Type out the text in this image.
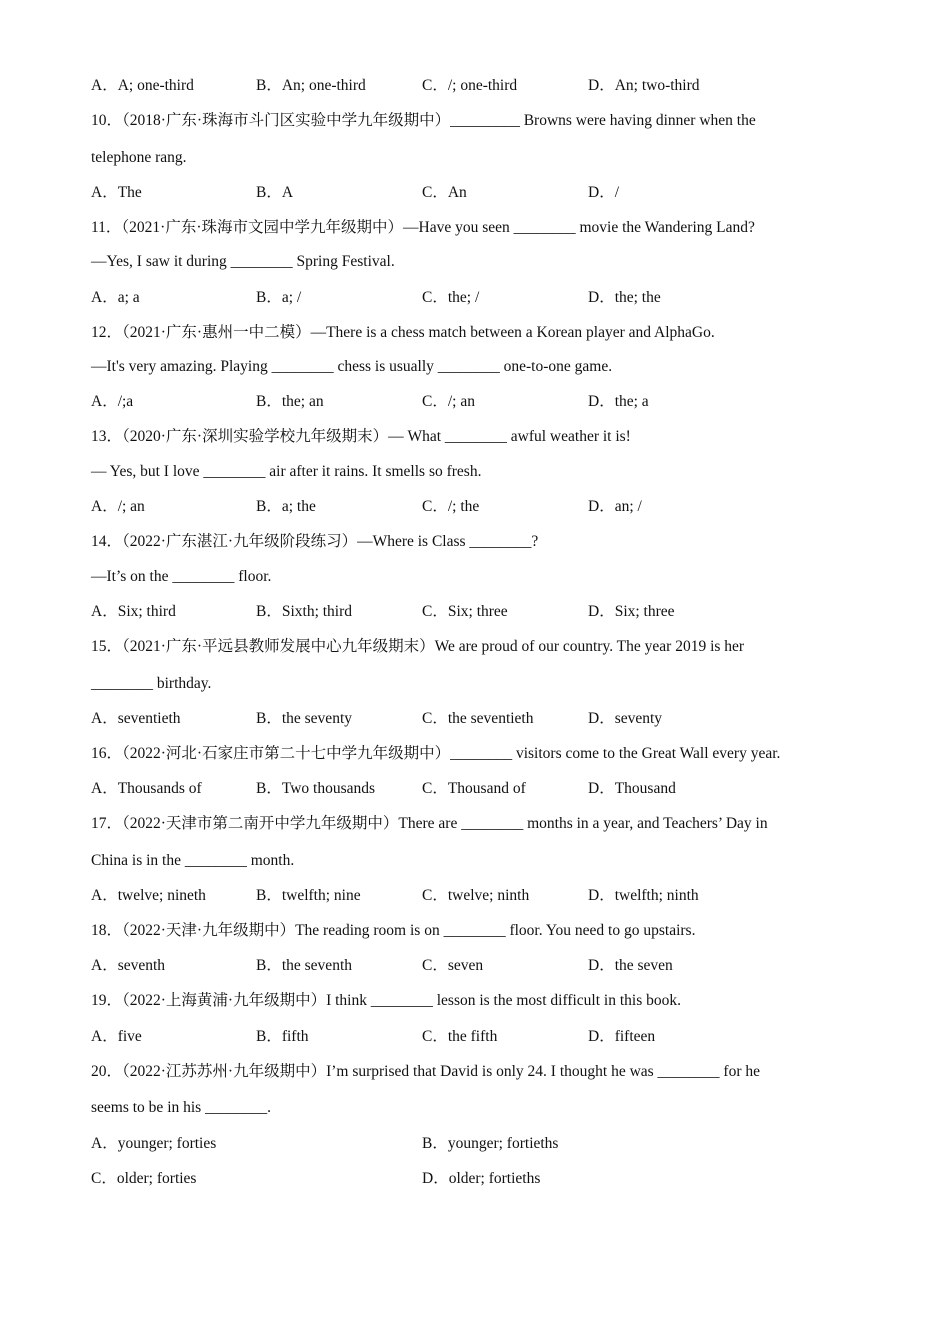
A．A; one-third	B．An; one-third	C．/; one-third	D．An; two-third
10．（2018·广东·珠海市斗门区实验中学九年级期中）_________ Browns were having dinner when the
telephone rang.
A．The	B．A	C．An	D．/
11．（2021·广东·珠海市文园中学九年级期中）—Have you seen ________ movie the Wandering Land?
—Yes, I saw it during ________ Spring Festival.
A．a; a	B．a; /	C．the; /	D．the; the
12．（2021·广东·惠州一中二模）—There is a chess match between a Korean player and AlphaGo.
—It's very amazing. Playing ________ chess is usually ________ one-to-one game.
A．/;a	B．the; an	C．/; an	D．the; a
13．（2020·广东·深圳实验学校九年级期末）— What ________ awful weather it is!
— Yes, but I love ________ air after it rains. It smells so fresh.
A．/; an	B．a; the	C．/; the	D．an; /
14．（2022·广东湛江·九年级阶段练习）—Where is Class ________?
—It’s on the ________ floor.
A．Six; third	B．Sixth; third	C．Six; three	D．Six; three
15．（2021·广东·平远县教师发展中心九年级期末）We are proud of our country. The year 2019 is her
________ birthday.
A．seventieth	B．the seventy	C．the seventieth	D．seventy
16．（2022·河北·石家庄市第二十七中学九年级期中）________ visitors come to the Great Wall every year.
A．Thousands of	B．Two thousands	C．Thousand of	D．Thousand
17．（2022·天津市第二南开中学九年级期中）There are ________ months in a year, and Teachers’ Day in
China is in the ________ month.
A．twelve; nineth	B．twelfth; nine	C．twelve; ninth	D．twelfth; ninth
18．（2022·天津·九年级期中）The reading room is on ________ floor. You need to go upstairs.
A．seventh	B．the seventh	C．seven	D．the seven
19．（2022·上海黄浦·九年级期中）I think ________ lesson is the most difficult in this book.
A．five	B．fifth	C．the fifth	D．fifteen
20．（2022·江苏苏州·九年级期中）I’m surprised that David is only 24. I thought he was ________ for he
seems to be in his ________.
A．younger; forties	B．younger; fortieths
C．older; forties	D．older; fortieths
